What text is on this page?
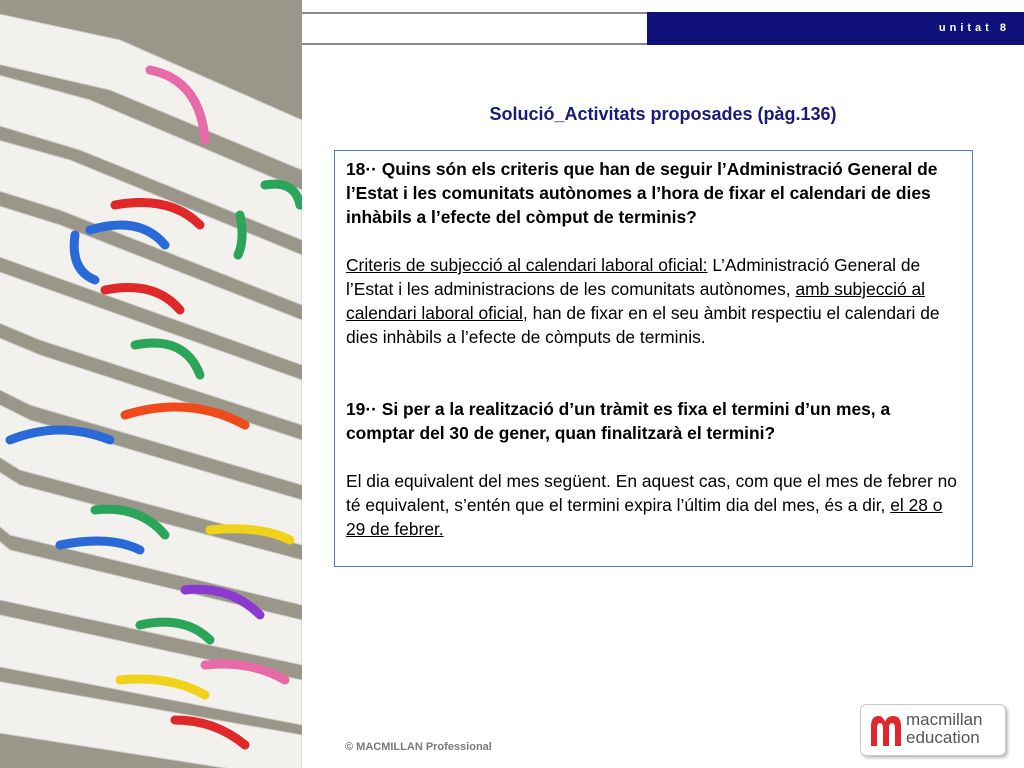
unitat 8
Solució_Activitats proposades (pàg.136)

18·· Quins són els criteris que han de seguir l’Administració General de l’Estat i les comunitats autònomes a l’hora de fixar el calendari de dies inhàbils a l’efecte del còmput de terminis?

Criteris de subjecció al calendari laboral oficial: L’Administració General de l’Estat i les administracions de les comunitats autònomes, amb subjecció al calendari laboral oficial, han de fixar en el seu àmbit respectiu el calendari de dies inhàbils a l’efecte de còmputs de terminis.

19·· Si per a la realització d’un tràmit es fixa el termini d’un mes, a comptar del 30 de gener, quan finalitzarà el termini?

El dia equivalent del mes següent. En aquest cas, com que el mes de febrer no té equivalent, s’entén que el termini expira l’últim dia del mes, és a dir, el 28 o 29 de febrer.

© MACMILLAN Professional
macmillan
education
